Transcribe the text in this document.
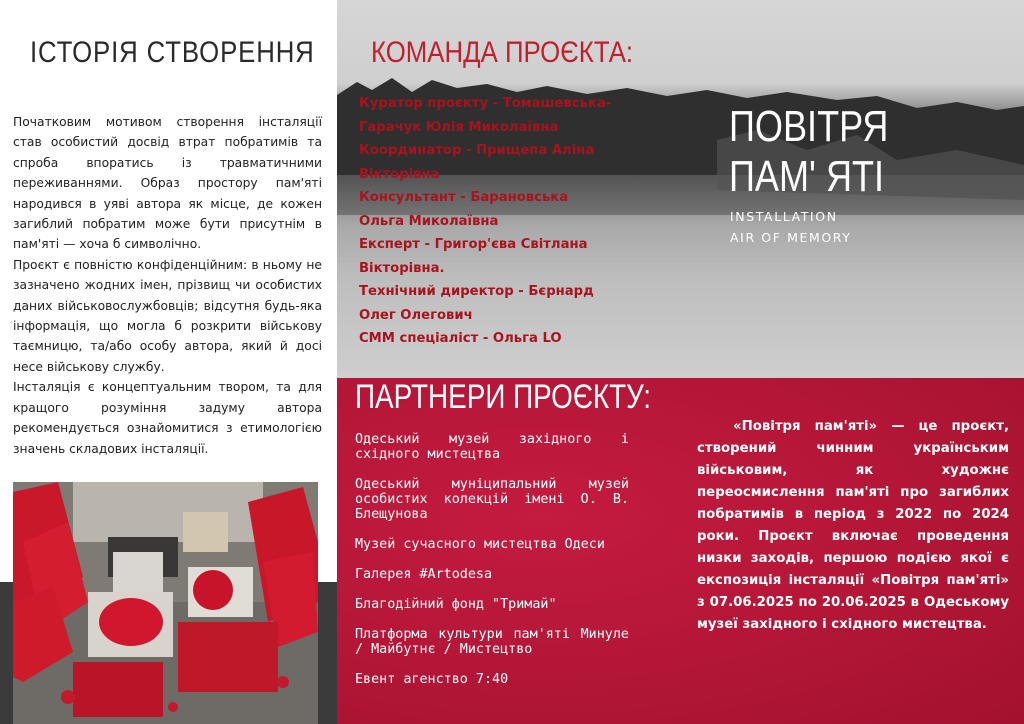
ІСТОРІЯ СТВОРЕННЯ

Початковим мотивом створення інсталяції став особистий досвід втрат побратимів та спроба впоратись із травматичними переживаннями. Образ простору пам'яті народився в уяві автора як місце, де кожен загиблий побратим може бути присутнім в пам'яті — хоча б символічно.

Проєкт є повністю конфіденційним: в ньому не зазначено жодних імен, прізвищ чи особистих даних військовослужбовців; відсутня будь-яка інформація, що могла б розкрити військову таємницю, та/або особу автора, який й досі несе військову службу.

Інсталяція є концептуальним твором, та для кращого розуміння задуму автора рекомендується ознайомитися з етимологією значень складових інсталяції.

КОМАНДА ПРОЄКТА:
Куратор проєкту - Томашевська-
Гарачук Юлія Миколаївна
Координатор - Прищепа Аліна
Вікторівна
Консультант - Барановська
Ольга Миколаївна
Експерт - Григор'єва Світлана
Вікторівна.
Технічний директор - Бєрнард
Олег Олегович
СММ спеціаліст - Ольга LO
ПОВІТРЯ
ПАМ' ЯТІ
INSTALLATION
AIR OF MEMORY
ПАРТНЕРИ ПРОЄКТУ:
Одеський музей західного і східного мистецтва
Одеський муніципальний музей особистих колекцій імені О. В. Блещунова
Музей сучасного мистецтва Одеси
Галерея #Artodesa
Благодійний фонд "Тримай"
Платформа культури пам'яті Минуле / Майбутнє / Мистецтво
Евент агенство 7:40

«Повітря пам'яті» — це проєкт, створений чинним українським військовим, як художнє переосмислення пам'яті про загиблих побратимів в період з 2022 по 2024 роки. Проєкт включає проведення низки заходів, першою подією якої є експозиція інсталяції «Повітря пам'яті» з 07.06.2025 по 20.06.2025 в Одеському музеї західного і східного мистецтва.
